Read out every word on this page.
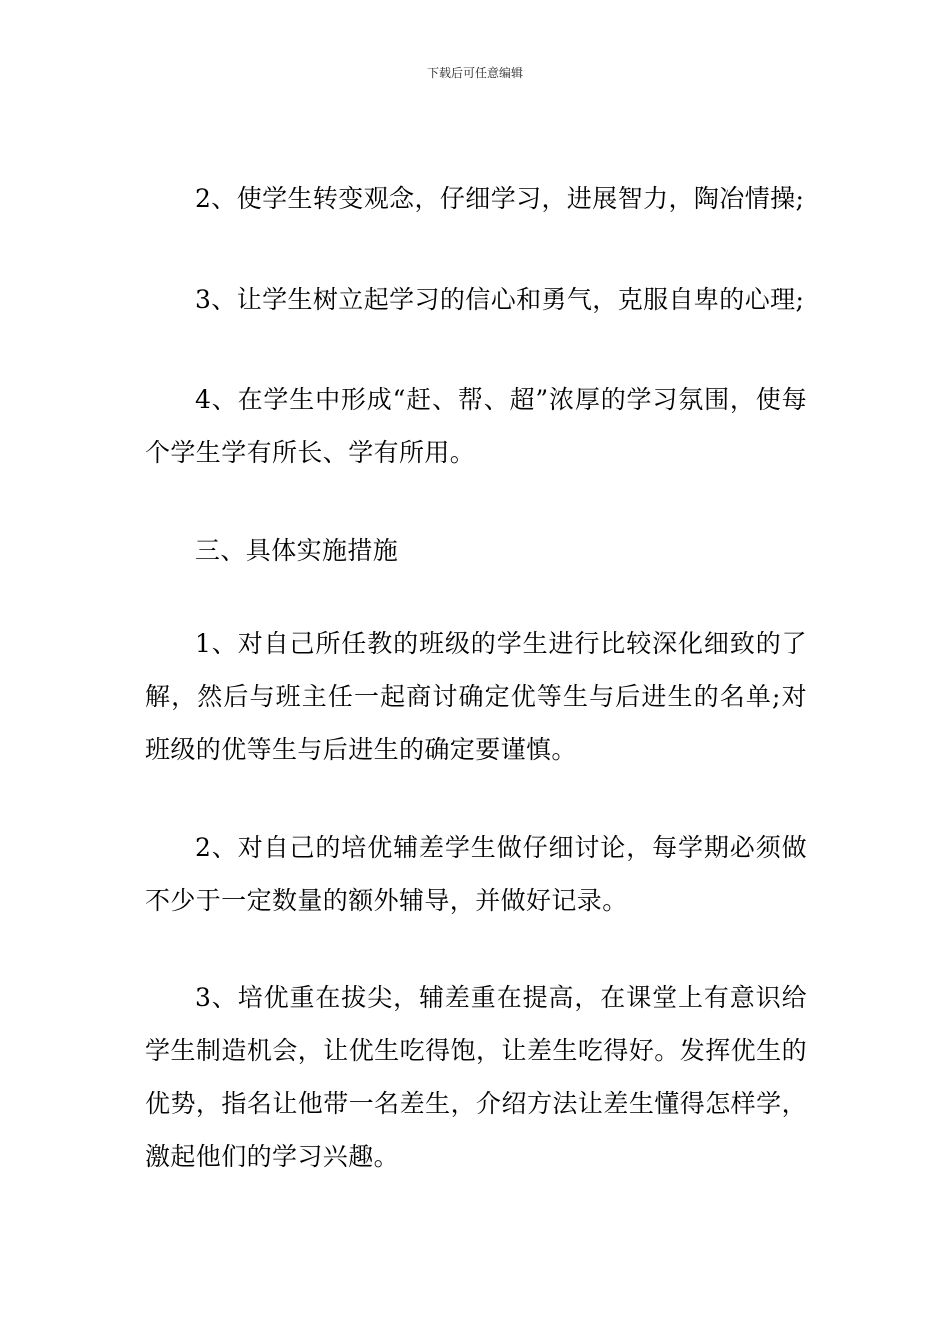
下载后可任意编辑

2、使学生转变观念，仔细学习，进展智力，陶冶情操;

3、让学生树立起学习的信心和勇气，克服自卑的心理;

4、在学生中形成“赶、帮、超”浓厚的学习氛围，使每个学生学有所长、学有所用。

三、具体实施措施

1、对自己所任教的班级的学生进行比较深化细致的了解，然后与班主任一起商讨确定优等生与后进生的名单;对班级的优等生与后进生的确定要谨慎。

2、对自己的培优辅差学生做仔细讨论，每学期必须做不少于一定数量的额外辅导，并做好记录。

3、培优重在拔尖，辅差重在提高，在课堂上有意识给学生制造机会，让优生吃得饱，让差生吃得好。发挥优生的优势，指名让他带一名差生，介绍方法让差生懂得怎样学，激起他们的学习兴趣。
